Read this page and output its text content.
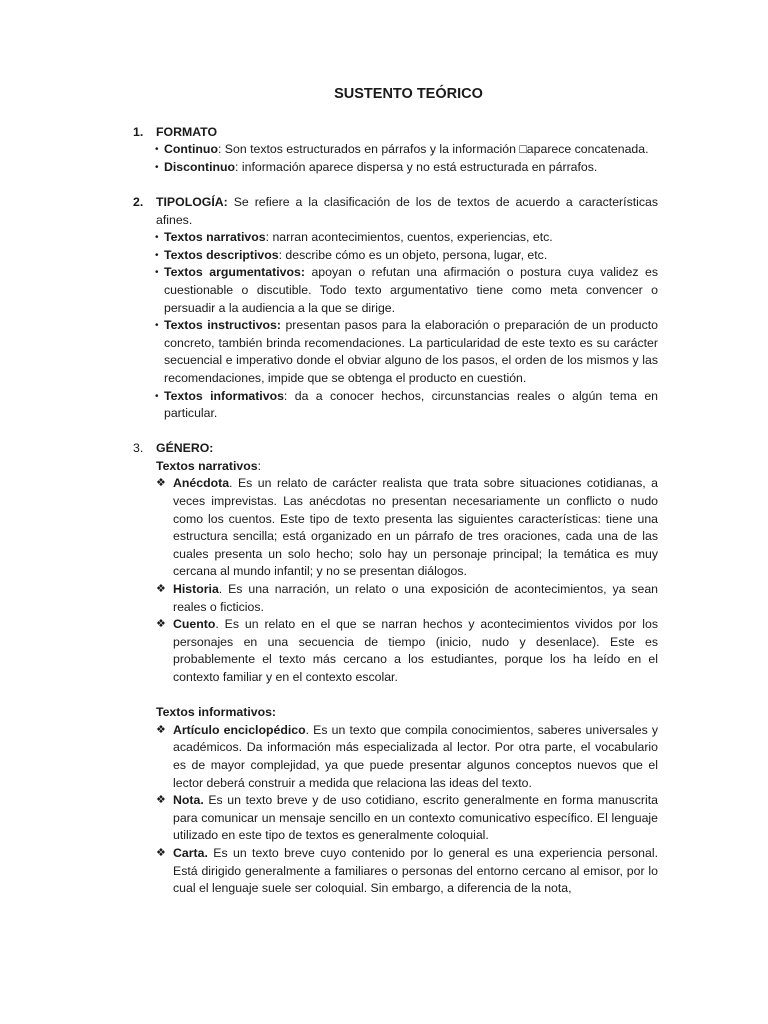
SUSTENTO TEÓRICO
1.	FORMATO
• Continuo: Son textos estructurados en párrafos y la información □aparece concatenada.
• Discontinuo: información aparece dispersa y no está estructurada en párrafos.
2.	TIPOLOGÍA: Se refiere a la clasificación de los de textos de acuerdo a características afines.
• Textos narrativos: narran acontecimientos, cuentos, experiencias, etc.
• Textos descriptivos: describe cómo es un objeto, persona, lugar, etc.
• Textos argumentativos: apoyan o refutan una afirmación o postura cuya validez es cuestionable o discutible. Todo texto argumentativo tiene como meta convencer o persuadir a la audiencia a la que se dirige.
• Textos instructivos: presentan pasos para la elaboración o preparación de un producto concreto, también brinda recomendaciones. La particularidad de este texto es su carácter secuencial e imperativo donde el obviar alguno de los pasos, el orden de los mismos y las recomendaciones, impide que se obtenga el producto en cuestión.
• Textos informativos: da a conocer hechos, circunstancias reales o algún tema en particular.
3.	GÉNERO:
Textos narrativos:
❖ Anécdota. Es un relato de carácter realista que trata sobre situaciones cotidianas, a veces imprevistas. Las anécdotas no presentan necesariamente un conflicto o nudo como los cuentos. Este tipo de texto presenta las siguientes características: tiene una estructura sencilla; está organizado en un párrafo de tres oraciones, cada una de las cuales presenta un solo hecho; solo hay un personaje principal; la temática es muy cercana al mundo infantil; y no se presentan diálogos.
❖ Historia. Es una narración, un relato o una exposición de acontecimientos, ya sean reales o ficticios.
❖ Cuento. Es un relato en el que se narran hechos y acontecimientos vividos por los personajes en una secuencia de tiempo (inicio, nudo y desenlace). Este es probablemente el texto más cercano a los estudiantes, porque los ha leído en el contexto familiar y en el contexto escolar.
Textos informativos:
❖ Artículo enciclopédico. Es un texto que compila conocimientos, saberes universales y académicos. Da información más especializada al lector. Por otra parte, el vocabulario es de mayor complejidad, ya que puede presentar algunos conceptos nuevos que el lector deberá construir a medida que relaciona las ideas del texto.
❖ Nota. Es un texto breve y de uso cotidiano, escrito generalmente en forma manuscrita para comunicar un mensaje sencillo en un contexto comunicativo específico. El lenguaje utilizado en este tipo de textos es generalmente coloquial.
❖ Carta. Es un texto breve cuyo contenido por lo general es una experiencia personal. Está dirigido generalmente a familiares o personas del entorno cercano al emisor, por lo cual el lenguaje suele ser coloquial. Sin embargo, a diferencia de la nota,
